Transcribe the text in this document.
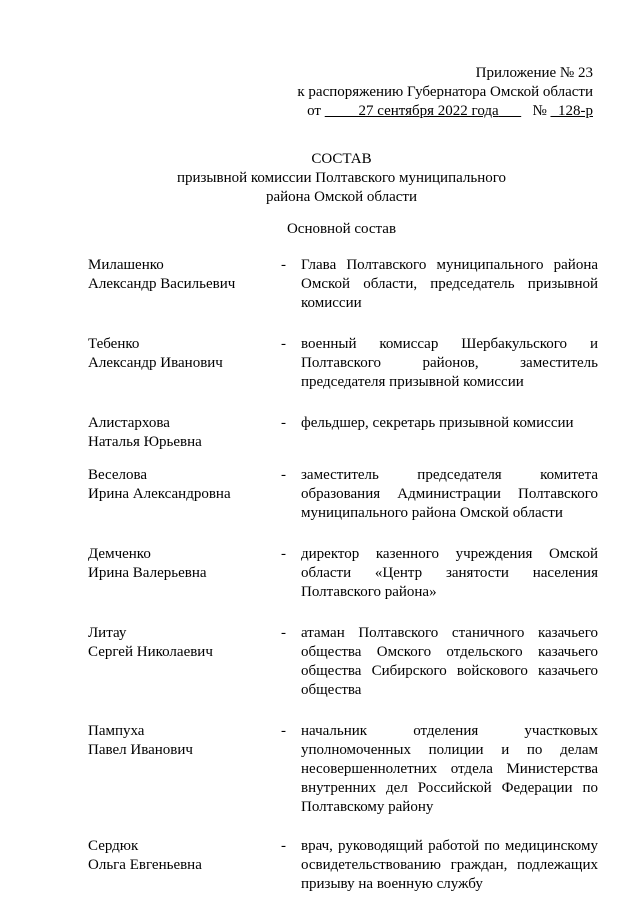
Приложение № 23
к распоряжению Губернатора Омской области
от	27 сентября 2022 года № 128-р
СОСТАВ
призывной комиссии Полтавского муниципального
района Омской области
Основной состав
Милашенко
Александр Васильевич
-	Глава Полтавского муниципального района Омской области, председатель призывной комиссии
Тебенко
Александр Иванович
-	военный комиссар Шербакульского и Полтавского районов, заместитель председателя призывной комиссии
Алистархова
Наталья Юрьевна
-	фельдшер, секретарь призывной комиссии
Веселова
Ирина Александровна
-	заместитель председателя комитета образования Администрации Полтавского муниципального района Омской области
Демченко
Ирина Валерьевна
-	директор казенного учреждения Омской области «Центр занятости населения Полтавского района»
Литау
Сергей Николаевич
-	атаман Полтавского станичного казачьего общества Омского отдельского казачьего общества Сибирского войскового казачьего общества
Пампуха
Павел Иванович
-	начальник отделения участковых уполномоченных полиции и по делам несовершеннолетних отдела Министерства внутренних дел Российской Федерации по Полтавскому району
Сердюк
Ольга Евгеньевна
-	врач, руководящий работой по медицинскому освидетельствованию граждан, подлежащих призыву на военную службу
